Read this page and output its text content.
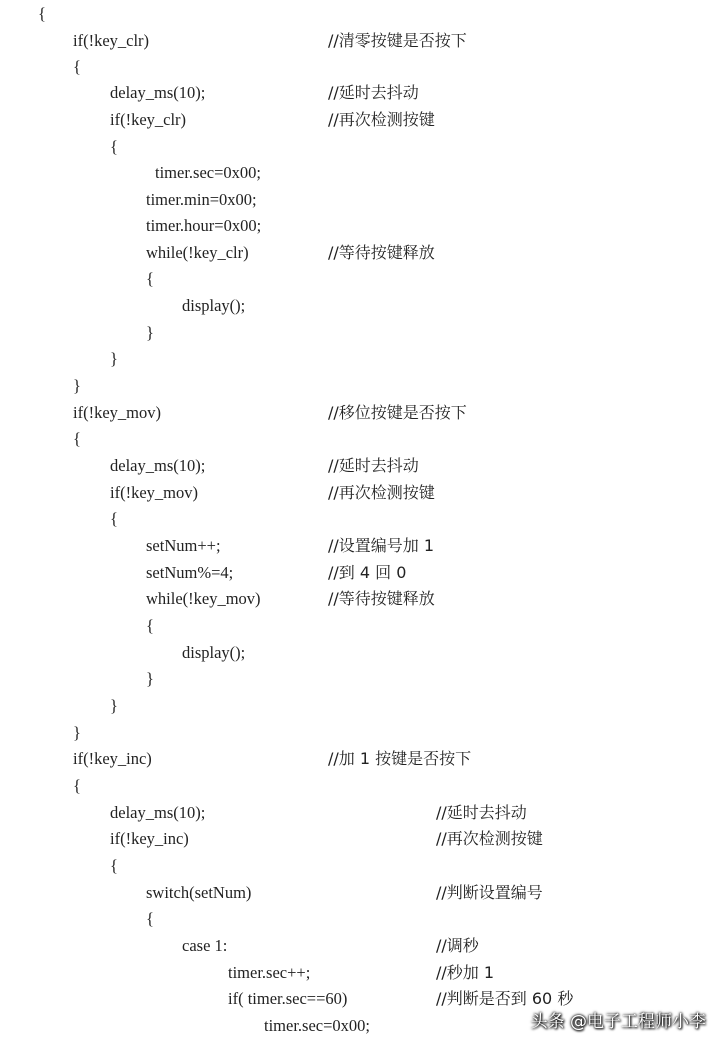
{
if(!key_clr)	//清零按键是否按下
{
delay_ms(10);	//延时去抖动
if(!key_clr)	//再次检测按键
{
timer.sec=0x00;
timer.min=0x00;
timer.hour=0x00;
while(!key_clr)	//等待按键释放
{
display();
}
}
}
if(!key_mov)	//移位按键是否按下
{
delay_ms(10);	//延时去抖动
if(!key_mov)	//再次检测按键
{
setNum++;	//设置编号加 1
setNum%=4;	//到 4 回 0
while(!key_mov)	//等待按键释放
{
display();
}
}
}
if(!key_inc)	//加 1 按键是否按下
{
delay_ms(10);	//延时去抖动
if(!key_inc)	//再次检测按键
{
switch(setNum)	//判断设置编号
{
case 1:	//调秒
timer.sec++;	//秒加 1
if( timer.sec==60)	//判断是否到 60 秒
timer.sec=0x00;	头条 @电子工程师小李
